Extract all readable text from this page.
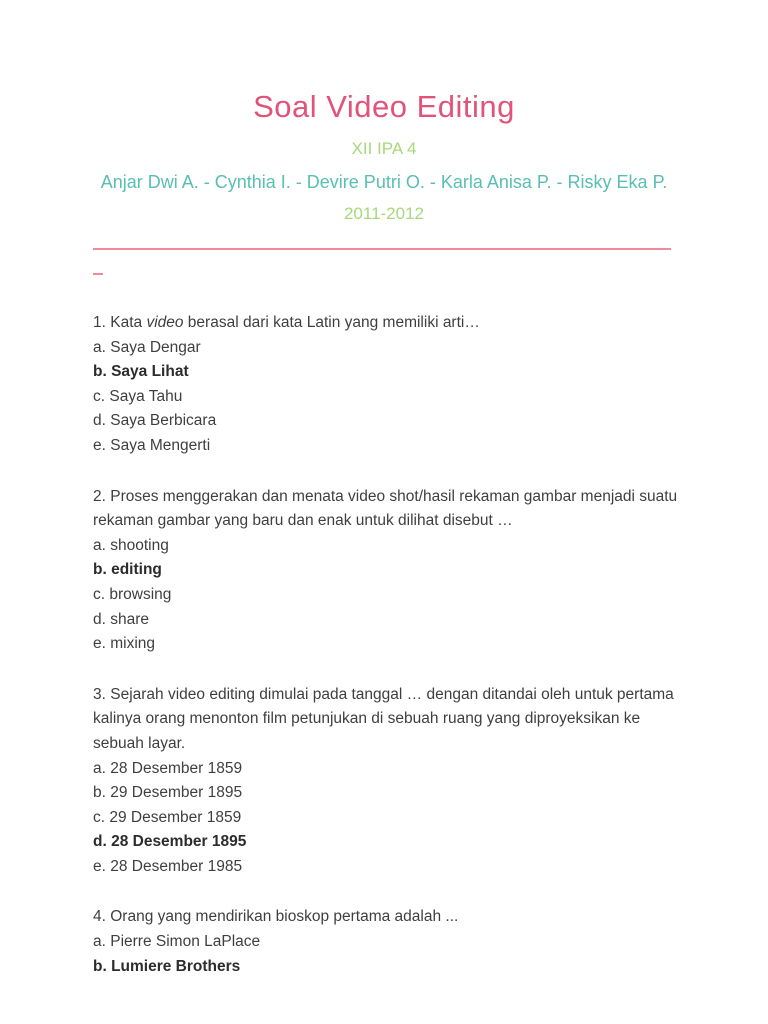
Soal Video Editing

XII IPA 4

Anjar Dwi A. - Cynthia I. - Devire Putri O. - Karla Anisa P. - Risky Eka P.

2011-2012

1. Kata video berasal dari kata Latin yang memiliki arti…

a. Saya Dengar

b. Saya Lihat

c. Saya Tahu

d. Saya Berbicara

e. Saya Mengerti

2. Proses menggerakan dan menata video shot/hasil rekaman gambar menjadi suatu rekaman gambar yang baru dan enak untuk dilihat disebut …

a. shooting

b. editing

c. browsing

d. share

e. mixing

3. Sejarah video editing dimulai pada tanggal … dengan ditandai oleh untuk pertama kalinya orang menonton film petunjukan di sebuah ruang yang diproyeksikan ke sebuah layar.

a. 28 Desember 1859

b. 29 Desember 1895

c. 29 Desember 1859

d. 28 Desember 1895

e. 28 Desember 1985

4. Orang yang mendirikan bioskop pertama adalah ...

a. Pierre Simon LaPlace

b. Lumiere Brothers
